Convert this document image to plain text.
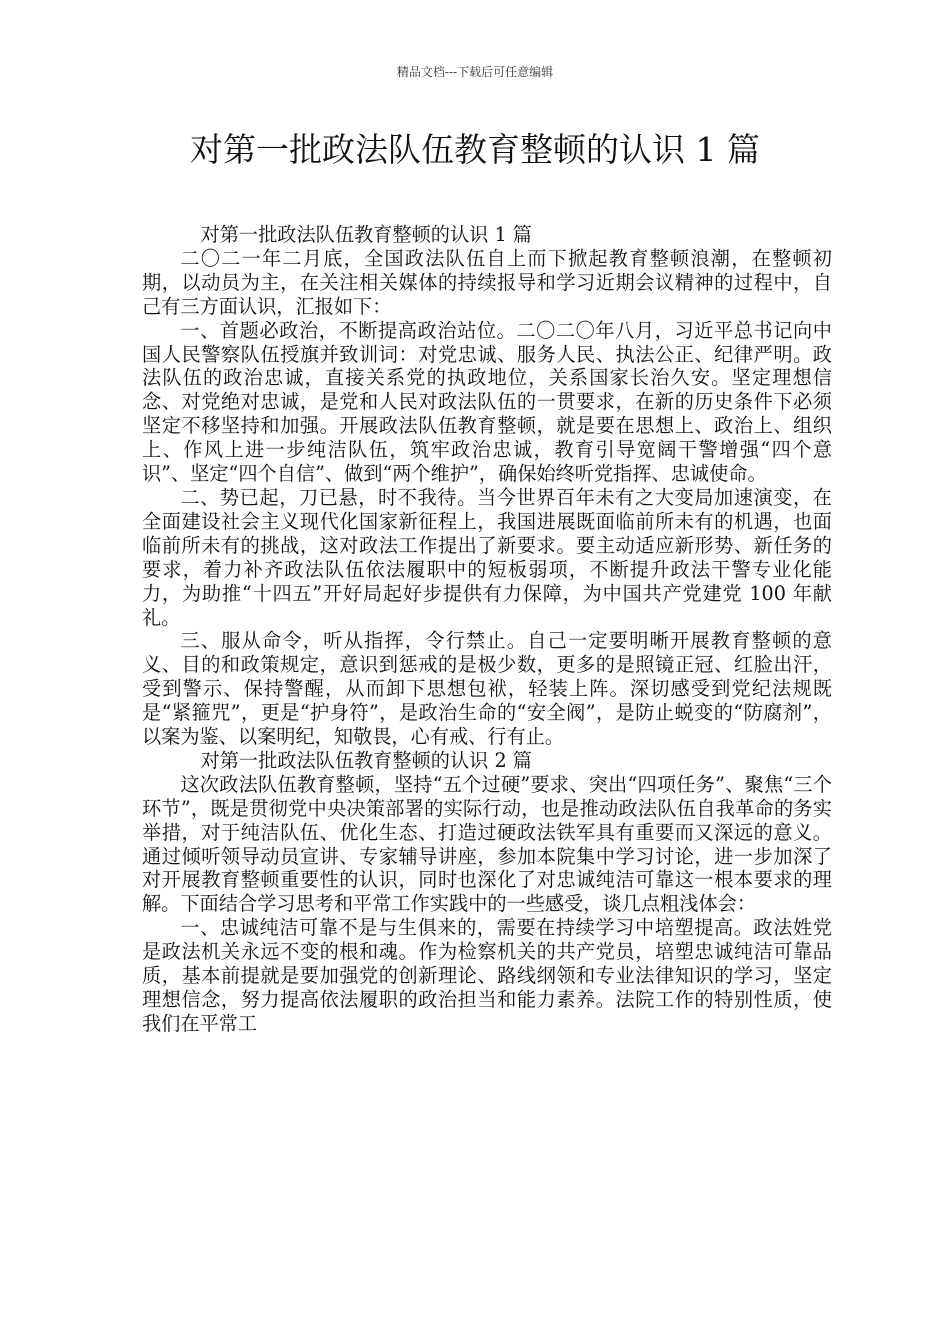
精品文档---下载后可任意编辑
对第一批政法队伍教育整顿的认识 1 篇

对第一批政法队伍教育整顿的认识 1 篇

二〇二一年二月底，全国政法队伍自上而下掀起教育整顿浪潮，在整顿初期，以动员为主，在关注相关媒体的持续报导和学习近期会议精神的过程中，自己有三方面认识，汇报如下：

一、首题必政治，不断提高政治站位。二〇二〇年八月，习近平总书记向中国人民警察队伍授旗并致训词：对党忠诚、服务人民、执法公正、纪律严明。政法队伍的政治忠诚，直接关系党的执政地位，关系国家长治久安。坚定理想信念、对党绝对忠诚，是党和人民对政法队伍的一贯要求，在新的历史条件下必须坚定不移坚持和加强。开展政法队伍教育整顿，就是要在思想上、政治上、组织上、作风上进一步纯洁队伍，筑牢政治忠诚，教育引导宽阔干警增强“四个意识”、坚定“四个自信”、做到“两个维护”，确保始终听党指挥、忠诚使命。

二、势已起，刀已悬，时不我待。当今世界百年未有之大变局加速演变，在全面建设社会主义现代化国家新征程上，我国进展既面临前所未有的机遇，也面临前所未有的挑战，这对政法工作提出了新要求。要主动适应新形势、新任务的要求，着力补齐政法队伍依法履职中的短板弱项，不断提升政法干警专业化能力，为助推“十四五”开好局起好步提供有力保障，为中国共产党建党 100 年献礼。

三、服从命令，听从指挥，令行禁止。自己一定要明晰开展教育整顿的意义、目的和政策规定，意识到惩戒的是极少数，更多的是照镜正冠、红脸出汗，受到警示、保持警醒，从而卸下思想包袱，轻装上阵。深切感受到党纪法规既是“紧箍咒”，更是“护身符”，是政治生命的“安全阀”，是防止蜕变的“防腐剂”，以案为鉴、以案明纪，知敬畏，心有戒、行有止。

对第一批政法队伍教育整顿的认识 2 篇

这次政法队伍教育整顿，坚持“五个过硬”要求、突出“四项任务”、聚焦“三个环节”，既是贯彻党中央决策部署的实际行动，也是推动政法队伍自我革命的务实举措，对于纯洁队伍、优化生态、打造过硬政法铁军具有重要而又深远的意义。通过倾听领导动员宣讲、专家辅导讲座，参加本院集中学习讨论，进一步加深了对开展教育整顿重要性的认识，同时也深化了对忠诚纯洁可靠这一根本要求的理解。下面结合学习思考和平常工作实践中的一些感受，谈几点粗浅体会：

一、忠诚纯洁可靠不是与生俱来的，需要在持续学习中培塑提高。政法姓党是政法机关永远不变的根和魂。作为检察机关的共产党员，培塑忠诚纯洁可靠品质，基本前提就是要加强党的创新理论、路线纲领和专业法律知识的学习，坚定理想信念，努力提高依法履职的政治担当和能力素养。法院工作的特别性质，使我们在平常工
